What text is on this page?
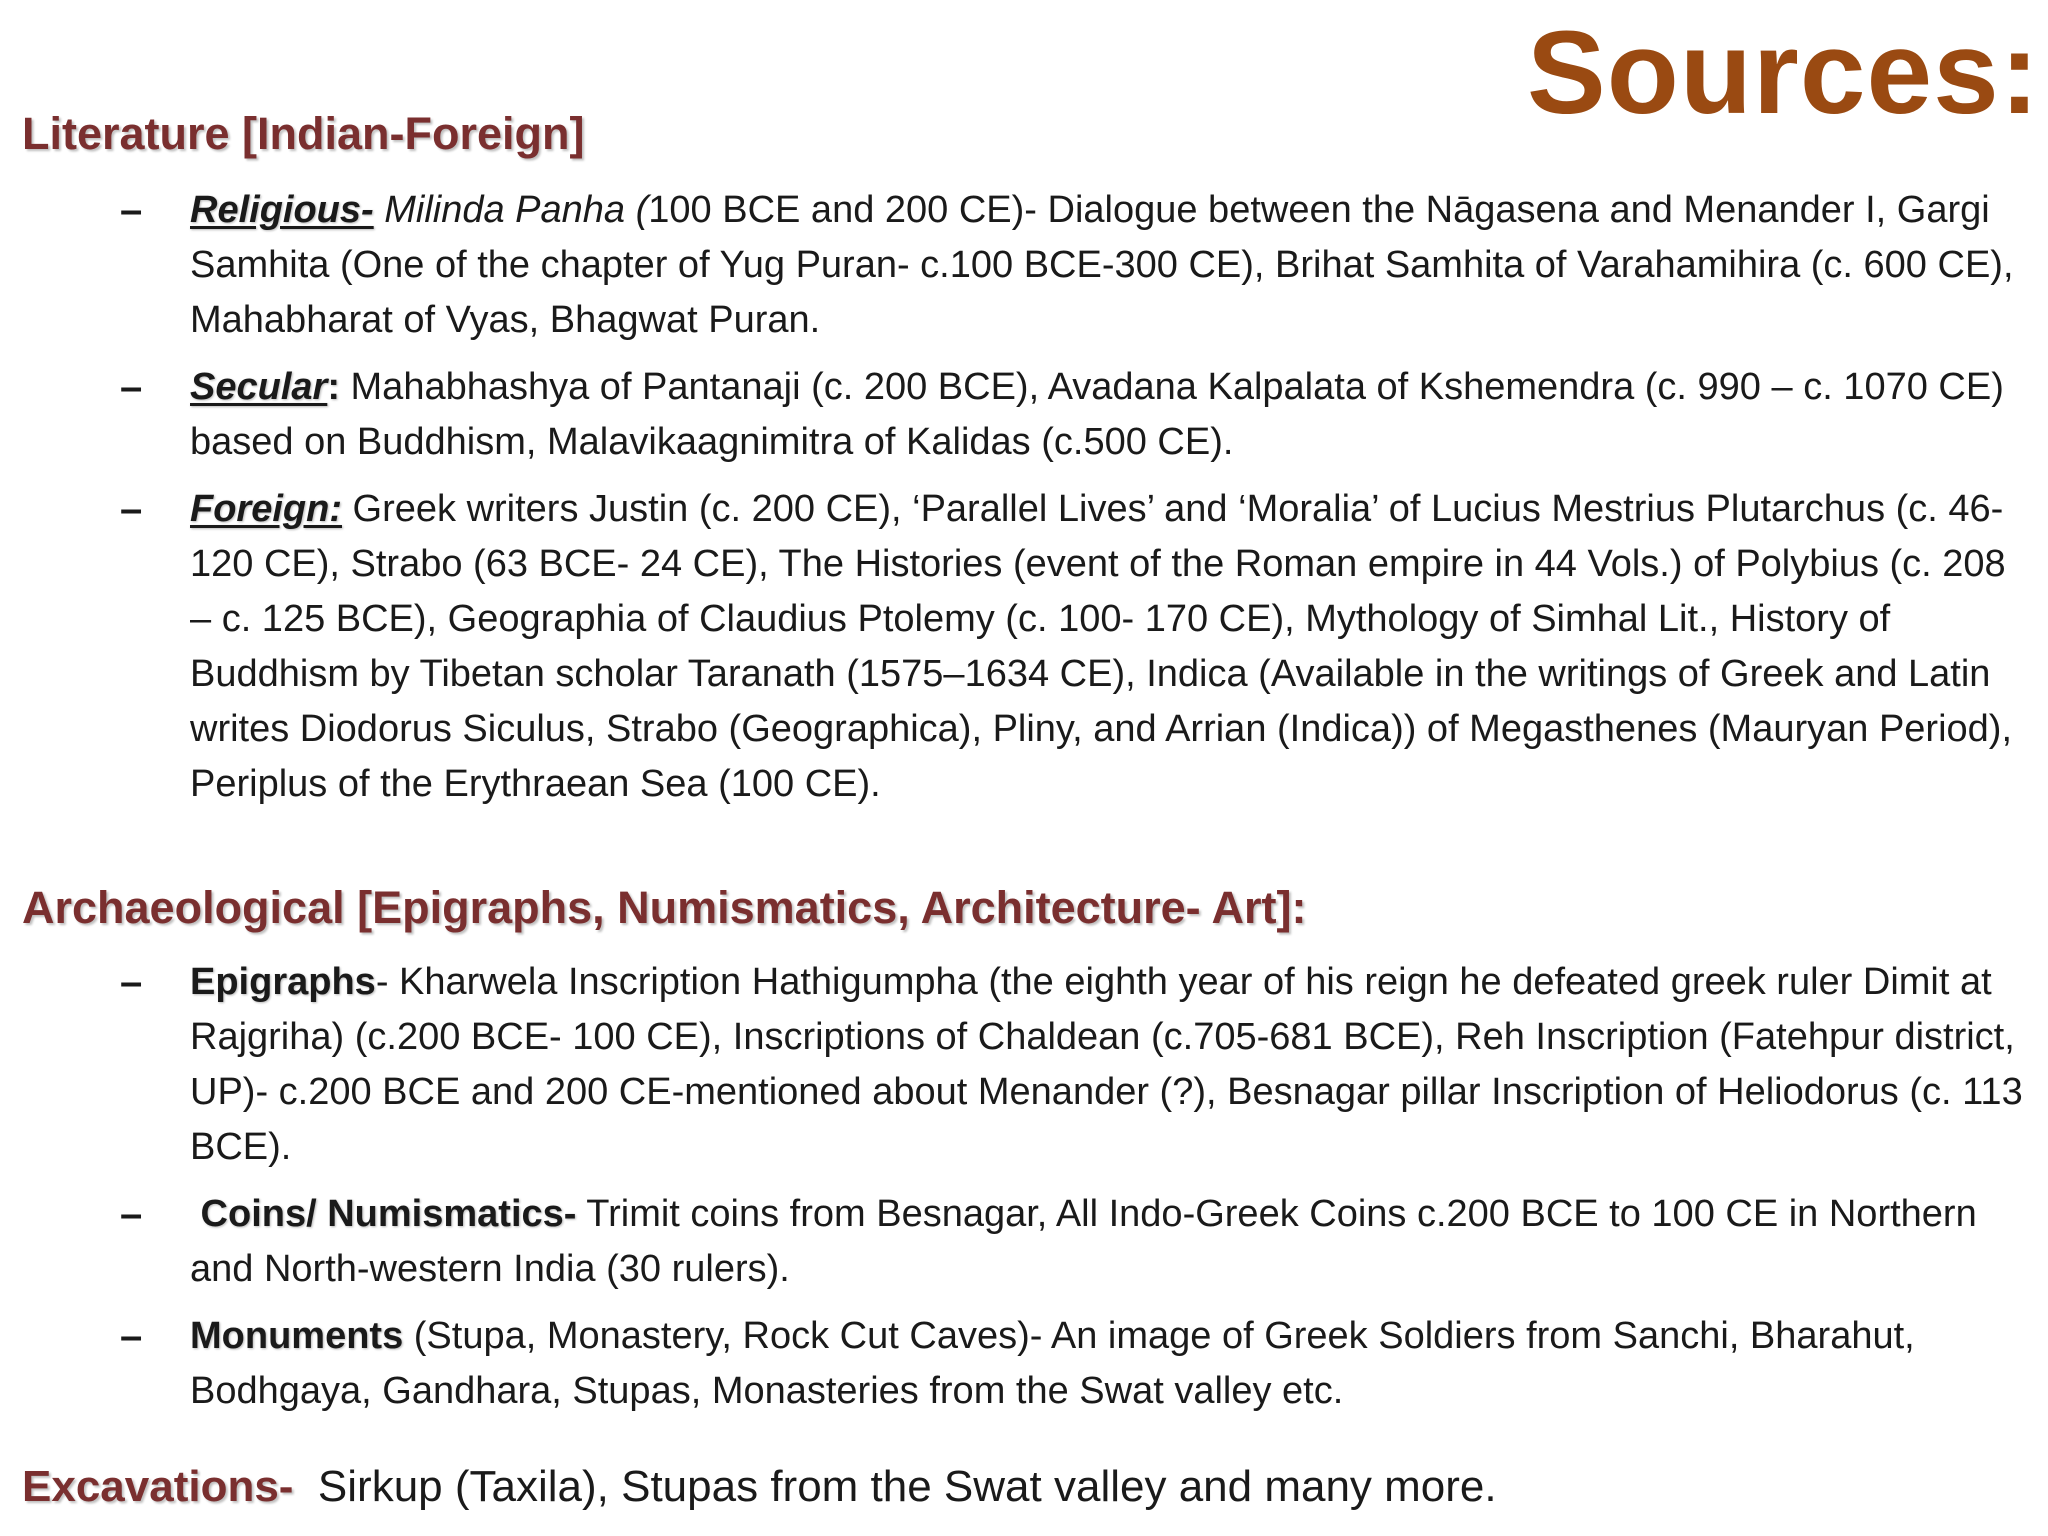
Sources:
Literature [Indian-Foreign]
– Religious- Milinda Panha (100 BCE and 200 CE)- Dialogue between the Nāgasena and Menander I, Gargi Samhita (One of the chapter of Yug Puran- c.100 BCE-300 CE), Brihat Samhita of Varahamihira (c. 600 CE), Mahabharat of Vyas, Bhagwat Puran.
– Secular: Mahabhashya of Pantanaji (c. 200 BCE), Avadana Kalpalata of Kshemendra (c. 990 – c. 1070 CE) based on Buddhism, Malavikaagnimitra of Kalidas (c.500 CE).
– Foreign: Greek writers Justin (c. 200 CE), ‘Parallel Lives’ and ‘Moralia’ of Lucius Mestrius Plutarchus (c. 46-120 CE), Strabo (63 BCE- 24 CE), The Histories (event of the Roman empire in 44 Vols.) of Polybius (c. 208 – c. 125 BCE), Geographia of Claudius Ptolemy (c. 100- 170 CE), Mythology of Simhal Lit., History of Buddhism by Tibetan scholar Taranath (1575–1634 CE), Indica (Available in the writings of Greek and Latin writes Diodorus Siculus, Strabo (Geographica), Pliny, and Arrian (Indica)) of Megasthenes (Mauryan Period), Periplus of the Erythraean Sea (100 CE).
Archaeological [Epigraphs, Numismatics, Architecture- Art]:
– Epigraphs- Kharwela Inscription Hathigumpha (the eighth year of his reign he defeated greek ruler Dimit at Rajgriha) (c.200 BCE- 100 CE), Inscriptions of Chaldean (c.705-681 BCE), Reh Inscription (Fatehpur district, UP)- c.200 BCE and 200 CE-mentioned about Menander (?), Besnagar pillar Inscription of Heliodorus (c. 113 BCE).
– Coins/ Numismatics- Trimit coins from Besnagar, All Indo-Greek Coins c.200 BCE to 100 CE in Northern and North-western India (30 rulers).
– Monuments (Stupa, Monastery, Rock Cut Caves)- An image of Greek Soldiers from Sanchi, Bharahut, Bodhgaya, Gandhara, Stupas, Monasteries from the Swat valley etc.
Excavations-  Sirkup (Taxila), Stupas from the Swat valley and many more.
